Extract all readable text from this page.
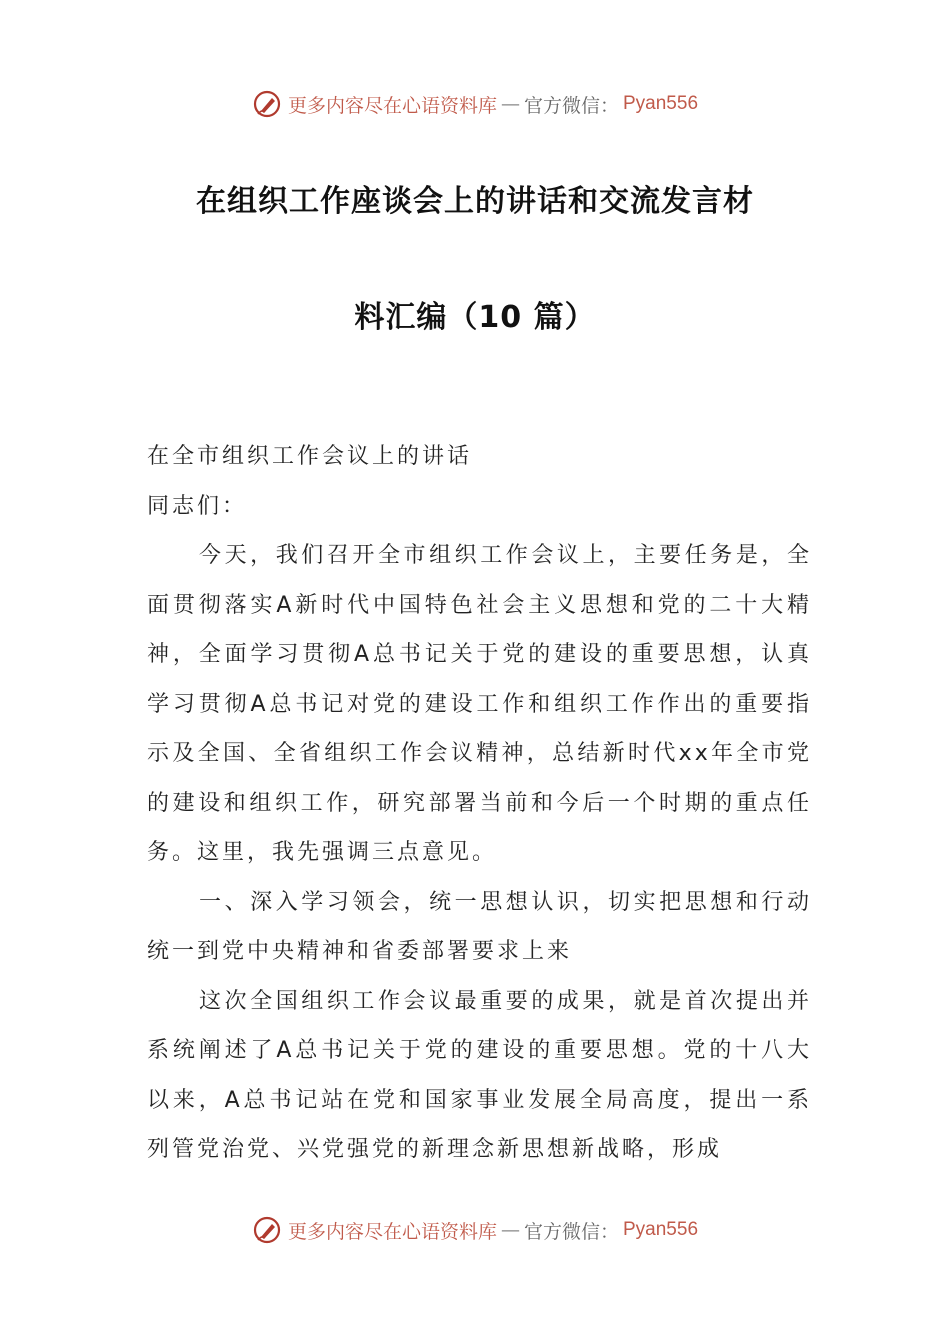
更多内容尽在心语资料库 — 官方微信： Pyan556
在组织工作座谈会上的讲话和交流发言材
料汇编（10 篇）

在全市组织工作会议上的讲话

同志们：

今天，我们召开全市组织工作会议上，主要任务是，全面贯彻落实A新时代中国特色社会主义思想和党的二十大精神，全面学习贯彻A总书记关于党的建设的重要思想，认真学习贯彻A总书记对党的建设工作和组织工作作出的重要指示及全国、全省组织工作会议精神，总结新时代xx年全市党的建设和组织工作，研究部署当前和今后一个时期的重点任务。这里，我先强调三点意见。

一、深入学习领会，统一思想认识，切实把思想和行动统一到党中央精神和省委部署要求上来

这次全国组织工作会议最重要的成果，就是首次提出并系统阐述了A总书记关于党的建设的重要思想。党的十八大以来，A总书记站在党和国家事业发展全局高度，提出一系列管党治党、兴党强党的新理念新思想新战略，形成

更多内容尽在心语资料库 — 官方微信： Pyan556
